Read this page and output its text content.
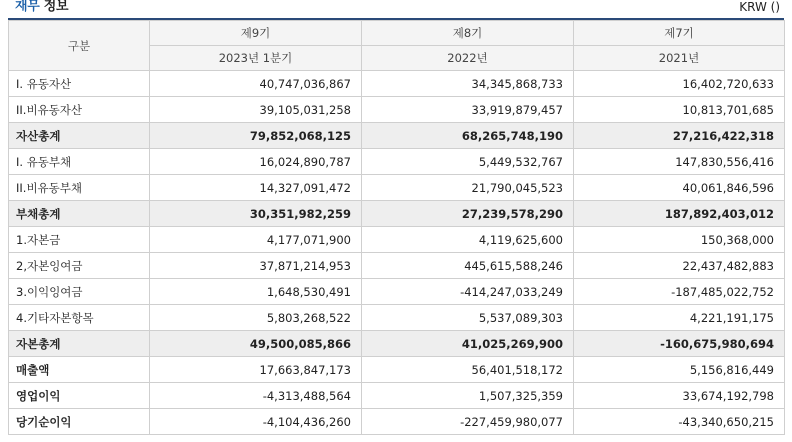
재무 정보	KRW ()
구분	제9기	제8기	제7기
	2023년 1분기	2022년	2021년
I. 유동자산	40,747,036,867	34,345,868,733	16,402,720,633
II.비유동자산	39,105,031,258	33,919,879,457	10,813,701,685
자산총계	79,852,068,125	68,265,748,190	27,216,422,318
I. 유동부채	16,024,890,787	5,449,532,767	147,830,556,416
II.비유동부채	14,327,091,472	21,790,045,523	40,061,846,596
부채총계	30,351,982,259	27,239,578,290	187,892,403,012
1.자본금	4,177,071,900	4,119,625,600	150,368,000
2,자본잉여금	37,871,214,953	445,615,588,246	22,437,482,883
3.이익잉여금	1,648,530,491	-414,247,033,249	-187,485,022,752
4.기타자본항목	5,803,268,522	5,537,089,303	4,221,191,175
자본총계	49,500,085,866	41,025,269,900	-160,675,980,694
매출액	17,663,847,173	56,401,518,172	5,156,816,449
영업이익	-4,313,488,564	1,507,325,359	33,674,192,798
당기순이익	-4,104,436,260	-227,459,980,077	-43,340,650,215
